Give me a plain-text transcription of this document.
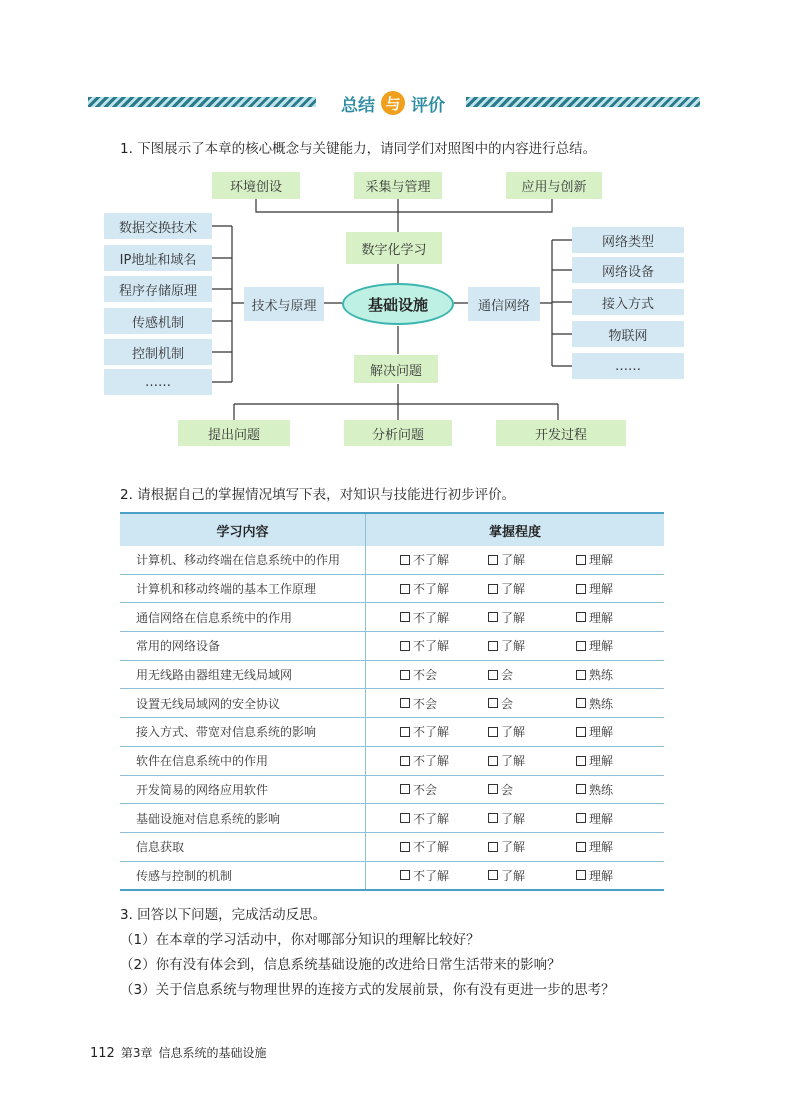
总结 与 评价
1. 下图展示了本章的核心概念与关键能力，请同学们对照图中的内容进行总结。
环境创设	采集与管理	应用与创新
数字化学习
基础设施
技术与原理	通信网络
解决问题
数据交换技术
IP地址和域名
程序存储原理
传感机制
控制机制
……
网络类型
网络设备
接入方式
物联网
……
提出问题	分析问题	开发过程
2. 请根据自己的掌握情况填写下表，对知识与技能进行初步评价。
学习内容	掌握程度
计算机、移动终端在信息系统中的作用	不了解 了解 理解

计算机和移动终端的基本工作原理	不了解 了解 理解

通信网络在信息系统中的作用	不了解 了解 理解

常用的网络设备	不了解 了解 理解

用无线路由器组建无线局域网	不会 会 熟练

设置无线局域网的安全协议	不会 会 熟练

接入方式、带宽对信息系统的影响	不了解 了解 理解

软件在信息系统中的作用	不了解 了解 理解

开发简易的网络应用软件	不会 会 熟练

基础设施对信息系统的影响	不了解 了解 理解

信息获取	不了解 了解 理解

传感与控制的机制	不了解 了解 理解
3. 回答以下问题，完成活动反思。
（1）在本章的学习活动中，你对哪部分知识的理解比较好？
（2）你有没有体会到，信息系统基础设施的改进给日常生活带来的影响？
（3）关于信息系统与物理世界的连接方式的发展前景，你有没有更进一步的思考？
112 第3章 信息系统的基础设施
